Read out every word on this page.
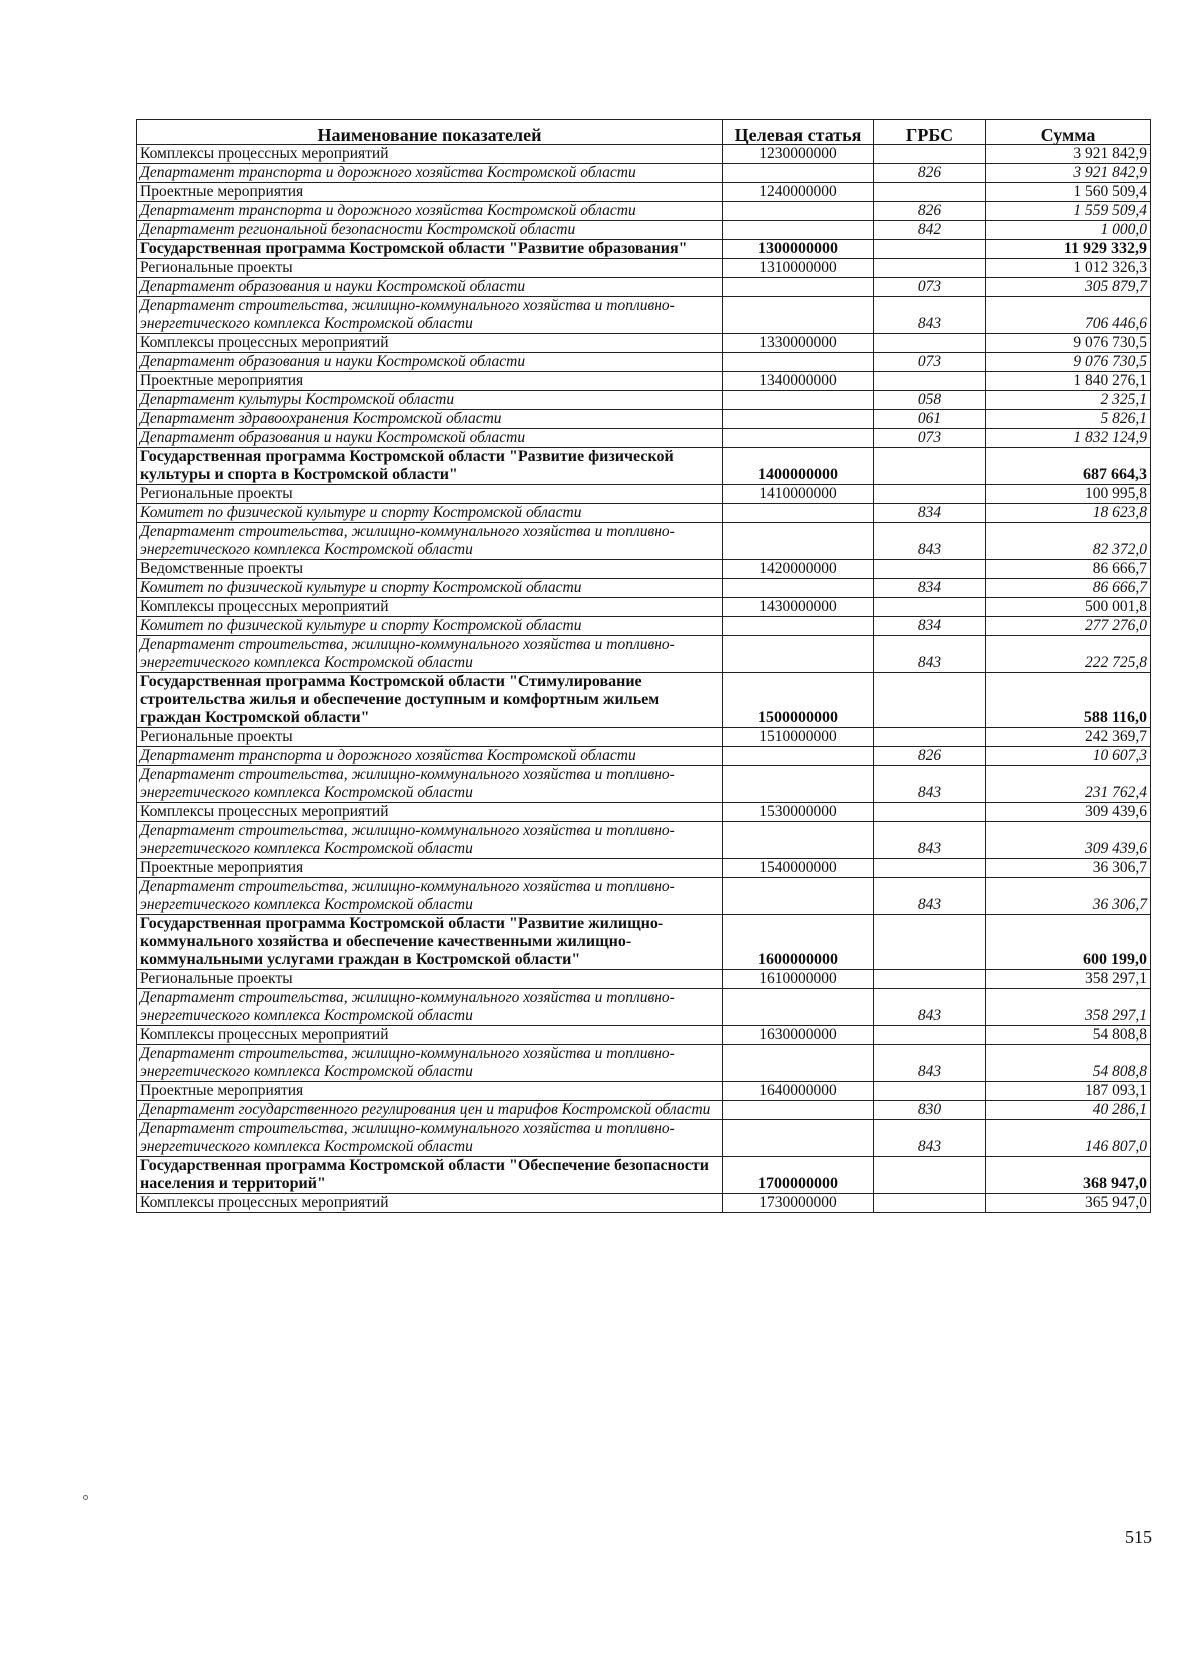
Наименование показателей	Целевая статья	ГРБС	Сумма
Комплексы процессных мероприятий	1230000000		3 921 842,9
Департамент транспорта и дорожного хозяйства Костромской области		826	3 921 842,9
Проектные мероприятия	1240000000		1 560 509,4
Департамент транспорта и дорожного хозяйства Костромской области		826	1 559 509,4
Департамент региональной безопасности Костромской области		842	1 000,0
Государственная программа Костромской области "Развитие образования"	1300000000		11 929 332,9
Региональные проекты	1310000000		1 012 326,3
Департамент образования и науки Костромской области		073	305 879,7
Департамент строительства, жилищно-коммунального хозяйства и топливно-энергетического комплекса Костромской области		843	706 446,6
Комплексы процессных мероприятий	1330000000		9 076 730,5
Департамент образования и науки Костромской области		073	9 076 730,5
Проектные мероприятия	1340000000		1 840 276,1
Департамент культуры Костромской области		058	2 325,1
Департамент здравоохранения Костромской области		061	5 826,1
Департамент образования и науки Костромской области		073	1 832 124,9
Государственная программа Костромской области "Развитие физической культуры и спорта в Костромской области"	1400000000		687 664,3
Региональные проекты	1410000000		100 995,8
Комитет по физической культуре и спорту Костромской области		834	18 623,8
Департамент строительства, жилищно-коммунального хозяйства и топливно-энергетического комплекса Костромской области		843	82 372,0
Ведомственные проекты	1420000000		86 666,7
Комитет по физической культуре и спорту Костромской области		834	86 666,7
Комплексы процессных мероприятий	1430000000		500 001,8
Комитет по физической культуре и спорту Костромской области		834	277 276,0
Департамент строительства, жилищно-коммунального хозяйства и топливно-энергетического комплекса Костромской области		843	222 725,8
Государственная программа Костромской области "Стимулирование строительства жилья и обеспечение доступным и комфортным жильем граждан Костромской области"	1500000000		588 116,0
Региональные проекты	1510000000		242 369,7
Департамент транспорта и дорожного хозяйства Костромской области		826	10 607,3
Департамент строительства, жилищно-коммунального хозяйства и топливно-энергетического комплекса Костромской области		843	231 762,4
Комплексы процессных мероприятий	1530000000		309 439,6
Департамент строительства, жилищно-коммунального хозяйства и топливно-энергетического комплекса Костромской области		843	309 439,6
Проектные мероприятия	1540000000		36 306,7
Департамент строительства, жилищно-коммунального хозяйства и топливно-энергетического комплекса Костромской области		843	36 306,7
Государственная программа Костромской области "Развитие жилищно-коммунального хозяйства и обеспечение качественными жилищно-коммунальными услугами граждан в Костромской области"	1600000000		600 199,0
Региональные проекты	1610000000		358 297,1
Департамент строительства, жилищно-коммунального хозяйства и топливно-энергетического комплекса Костромской области		843	358 297,1
Комплексы процессных мероприятий	1630000000		54 808,8
Департамент строительства, жилищно-коммунального хозяйства и топливно-энергетического комплекса Костромской области		843	54 808,8
Проектные мероприятия	1640000000		187 093,1
Департамент государственного регулирования цен и тарифов Костромской области		830	40 286,1
Департамент строительства, жилищно-коммунального хозяйства и топливно-энергетического комплекса Костромской области		843	146 807,0
Государственная программа Костромской области "Обеспечение безопасности населения и территорий"	1700000000		368 947,0
Комплексы процессных мероприятий	1730000000		365 947,0
515
